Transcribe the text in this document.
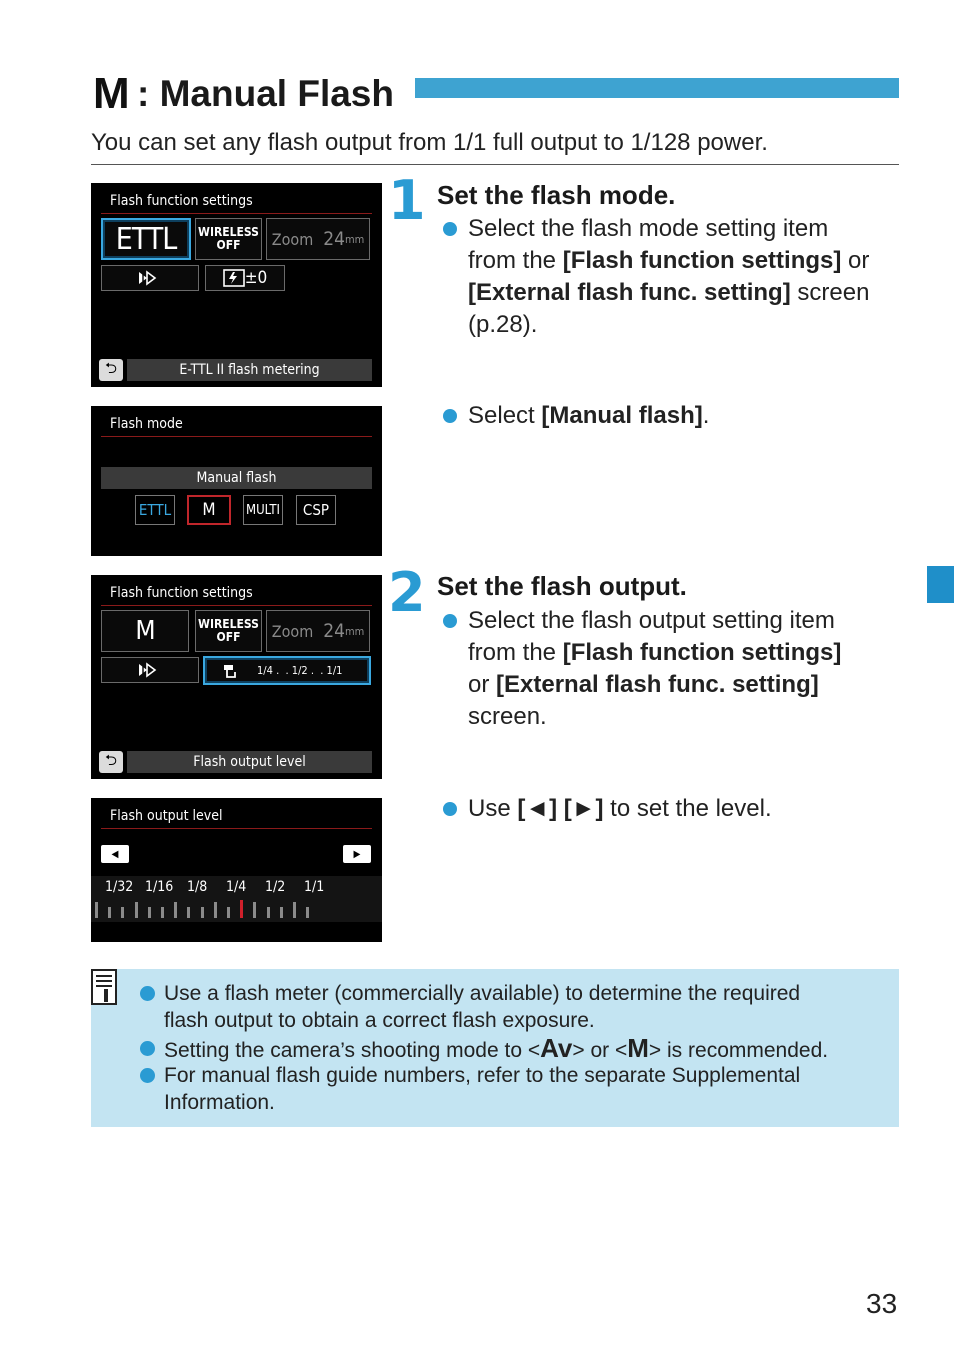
M : Manual Flash
You can set any flash output from 1/1 full output to 1/128 power.
Flash function settings
ETTL WIRELESS
OFF Zoom 24 mm
±0
⮌	E-TTL II flash metering
Flash mode
Manual flash
ETTL	M	MULTI	CSP
Flash function settings
M	WIRELESS
OFF Zoom 24 mm
1/4 .  . 1/2 .  . 1/1
⮌	Flash output level
Flash output level
◀	▶
1/32 1/16 1/8 1/4 1/2 1/1
1 Set the flash mode.
Select the flash mode setting item
from the [Flash function settings] or
[External flash func. setting] screen
(p.28).
Select [Manual flash].
2 Set the flash output.
Select the flash output setting item
from the [Flash function settings]
or [External flash func. setting]
screen.
Use [◄] [►] to set the level.
Use a flash meter (commercially available) to determine the required
flash output to obtain a correct flash exposure.
Setting the camera’s shooting mode to <Av> or <M> is recommended.
For manual flash guide numbers, refer to the separate Supplemental
Information.
33
